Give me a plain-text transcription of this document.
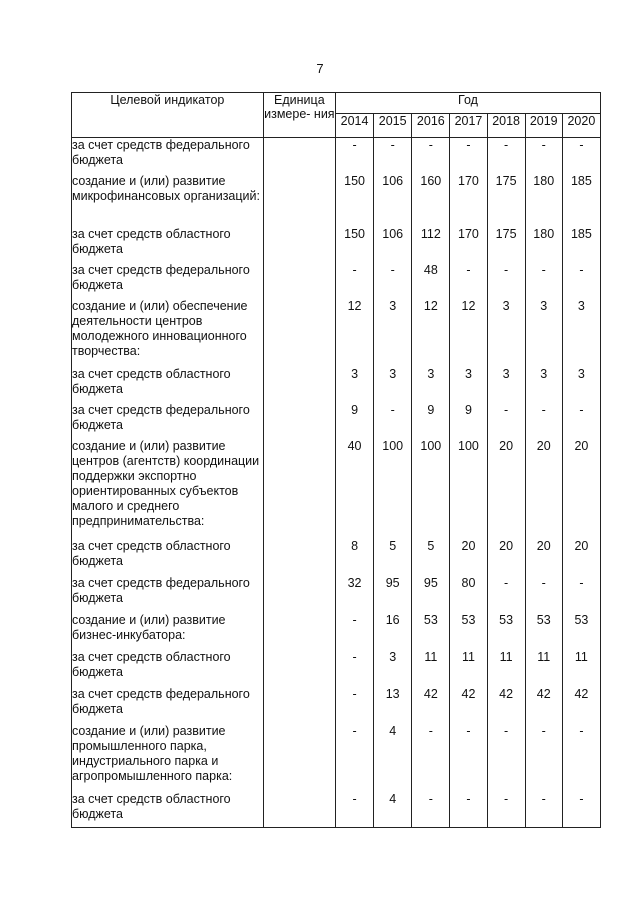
7
Целевой индикатор	Единица измере- ния	Год						
		2014	2015	2016	2017	2018	2019	2020
за счет средств федерального бюджета		-	-	-	-	-	-	-
создание и (или) развитие микрофинансовых организаций:		150	106	160	170	175	180	185
за счет средств областного бюджета		150	106	112	170	175	180	185
за счет средств федерального бюджета		-	-	48	-	-	-	-
создание и (или) обеспечение деятельности центров молодежного инновационного творчества:		12	3	12	12	3	3	3
за счет средств областного бюджета		3	3	3	3	3	3	3
за счет средств федерального бюджета		9	-	9	9	-	-	-
создание и (или) развитие центров (агентств) координации поддержки экспортно ориентированных субъектов малого и среднего предпринимательства:		40	100	100	100	20	20	20
за счет средств областного бюджета		8	5	5	20	20	20	20
за счет средств федерального бюджета		32	95	95	80	-	-	-
создание и (или) развитие бизнес-инкубатора:		-	16	53	53	53	53	53
за счет средств областного бюджета		-	3	11	11	11	11	11
за счет средств федерального бюджета		-	13	42	42	42	42	42
создание и (или) развитие промышленного парка, индустриального парка и агропромышленного парка:		-	4	-	-	-	-	-
за счет средств областного бюджета		-	4	-	-	-	-	-
